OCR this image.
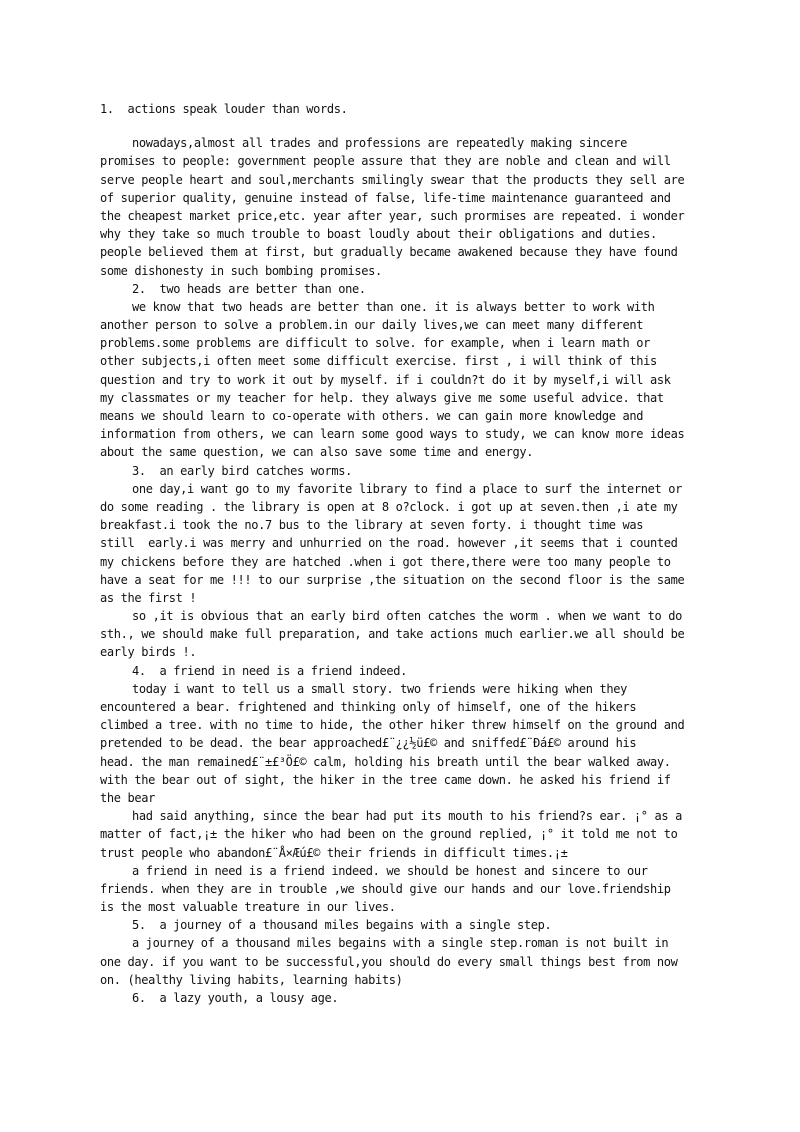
1.  actions speak louder than words.
nowadays,almost all trades and professions are repeatedly making sincere
promises to people: government people assure that they are noble and clean and will
serve people heart and soul,merchants smilingly swear that the products they sell are
of superior quality, genuine instead of false, life-time maintenance guaranteed and
the cheapest market price,etc. year after year, such prormises are repeated. i wonder
why they take so much trouble to boast loudly about their obligations and duties.
people believed them at first, but gradually became awakened because they have found
some dishonesty in such bombing promises.
2.  two heads are better than one.
we know that two heads are better than one. it is always better to work with
another person to solve a problem.in our daily lives,we can meet many different
problems.some problems are difficult to solve. for example, when i learn math or
other subjects,i often meet some difficult exercise. first , i will think of this
question and try to work it out by myself. if i couldn?t do it by myself,i will ask
my classmates or my teacher for help. they always give me some useful advice. that
means we should learn to co-operate with others. we can gain more knowledge and
information from others, we can learn some good ways to study, we can know more ideas
about the same question, we can also save some time and energy.
3.  an early bird catches worms.
one day,i want go to my favorite library to find a place to surf the internet or
do some reading . the library is open at 8 o?clock. i got up at seven.then ,i ate my
breakfast.i took the no.7 bus to the library at seven forty. i thought time was
still  early.i was merry and unhurried on the road. however ,it seems that i counted
my chickens before they are hatched .when i got there,there were too many people to
have a seat for me !!! to our surprise ,the situation on the second floor is the same
as the first !
so ,it is obvious that an early bird often catches the worm . when we want to do
sth., we should make full preparation, and take actions much earlier.we all should be
early birds !.
4.  a friend in need is a friend indeed.
today i want to tell us a small story. two friends were hiking when they
encountered a bear. frightened and thinking only of himself, one of the hikers
climbed a tree. with no time to hide, the other hiker threw himself on the ground and
pretended to be dead. the bear approached£¨¿¿½ü£© and sniffed£¨Ðá£© around his
head. the man remained£¨±£³Ö£© calm, holding his breath until the bear walked away.
with the bear out of sight, the hiker in the tree came down. he asked his friend if
the bear
had said anything, since the bear had put its mouth to his friend?s ear. ¡° as a
matter of fact,¡± the hiker who had been on the ground replied, ¡° it told me not to
trust people who abandon£¨Å×Æú£© their friends in difficult times.¡±
a friend in need is a friend indeed. we should be honest and sincere to our
friends. when they are in trouble ,we should give our hands and our love.friendship
is the most valuable treature in our lives.
5.  a journey of a thousand miles begains with a single step.
a journey of a thousand miles begains with a single step.roman is not built in
one day. if you want to be successful,you should do every small things best from now
on. (healthy living habits, learning habits)
6.  a lazy youth, a lousy age.
